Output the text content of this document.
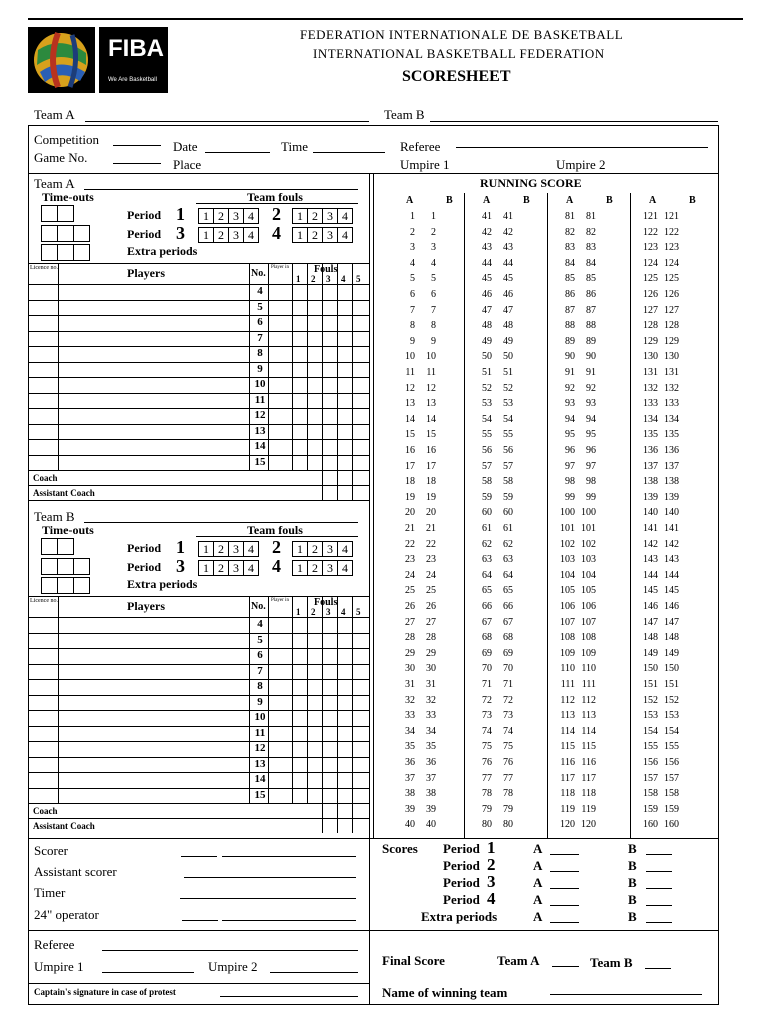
FIBA
We Are Basketball
FEDERATION INTERNATIONALE DE BASKETBALL
INTERNATIONAL BASKETBALL FEDERATION
SCORESHEET
Team A	Team B
Competition	Date	Time	Referee
Game No.	Place	Umpire 1	Umpire 2
Team A
Time-outs	Team fouls
Period 1	2
1 2 3 4	1 2 3 4
Period 3	4
1 2 3 4	1 2 3 4
Extra periods
Licence no.	Players	No.
Player in	Fouls
1 2 3 4 5
4
5
6
7
8
9
10
11
12
13
14
15
Coach
Assistant Coach
Team B
Time-outs	Team fouls
Period 1	2
1 2 3 4	1 2 3 4
Period 3	4
1 2 3 4	1 2 3 4
Extra periods
Licence no.	Players	No.
Player in	Fouls
1 2 3 4 5
4
5
6
7
8
9
10
11
12
13
14
15
Coach
Assistant Coach
RUNNING SCORE
A	B
1	1
2	2
3	3
4	4
5	5
6	6
7	7
8	8
9	9
10	10
11	11
12	12
13	13
14	14
15	15
16	16
17	17
18	18
19	19
20	20
21	21
22	22
23	23
24	24
25	25
26	26
27	27
28	28
29	29
30	30
31	31
32	32
33	33
34	34
35	35
36	36
37	37
38	38
39	39
40	40
A	B
41	41
42	42
43	43
44	44
45	45
46	46
47	47
48	48
49	49
50	50
51	51
52	52
53	53
54	54
55	55
56	56
57	57
58	58
59	59
60	60
61	61
62	62
63	63
64	64
65	65
66	66
67	67
68	68
69	69
70	70
71	71
72	72
73	73
74	74
75	75
76	76
77	77
78	78
79	79
80	80
A	B
81	81
82	82
83	83
84	84
85	85
86	86
87	87
88	88
89	89
90	90
91	91
92	92
93	93
94	94
95	95
96	96
97	97
98	98
99	99
100 100
101 101
102 102
103 103
104 104
105 105
106 106
107 107
108 108
109 109
110 110
111 111
112 112
113 113
114 114
115 115
116 116
117 117
118 118
119 119
120 120
A	B
121 121
122 122
123 123
124 124
125 125
126 126
127 127
128 128
129 129
130 130
131 131
132 132
133 133
134 134
135 135
136 136
137 137
138 138
139 139
140 140
141 141
142 142
143 143
144 144
145 145
146 146
147 147
148 148
149 149
150 150
151 151
152 152
153 153
154 154
155 155
156 156
157 157
158 158
159 159
160 160
Scorer
Assistant scorer
Timer
24" operator
Referee
Umpire 1	Umpire 2
Captain's signature in case of protest
Scores Period 1	A	B
Period 2	A	B
Period 3	A	B
Period 4	A	B
Extra periods	A	B
Final Score	Team A	Team B
Name of winning team
